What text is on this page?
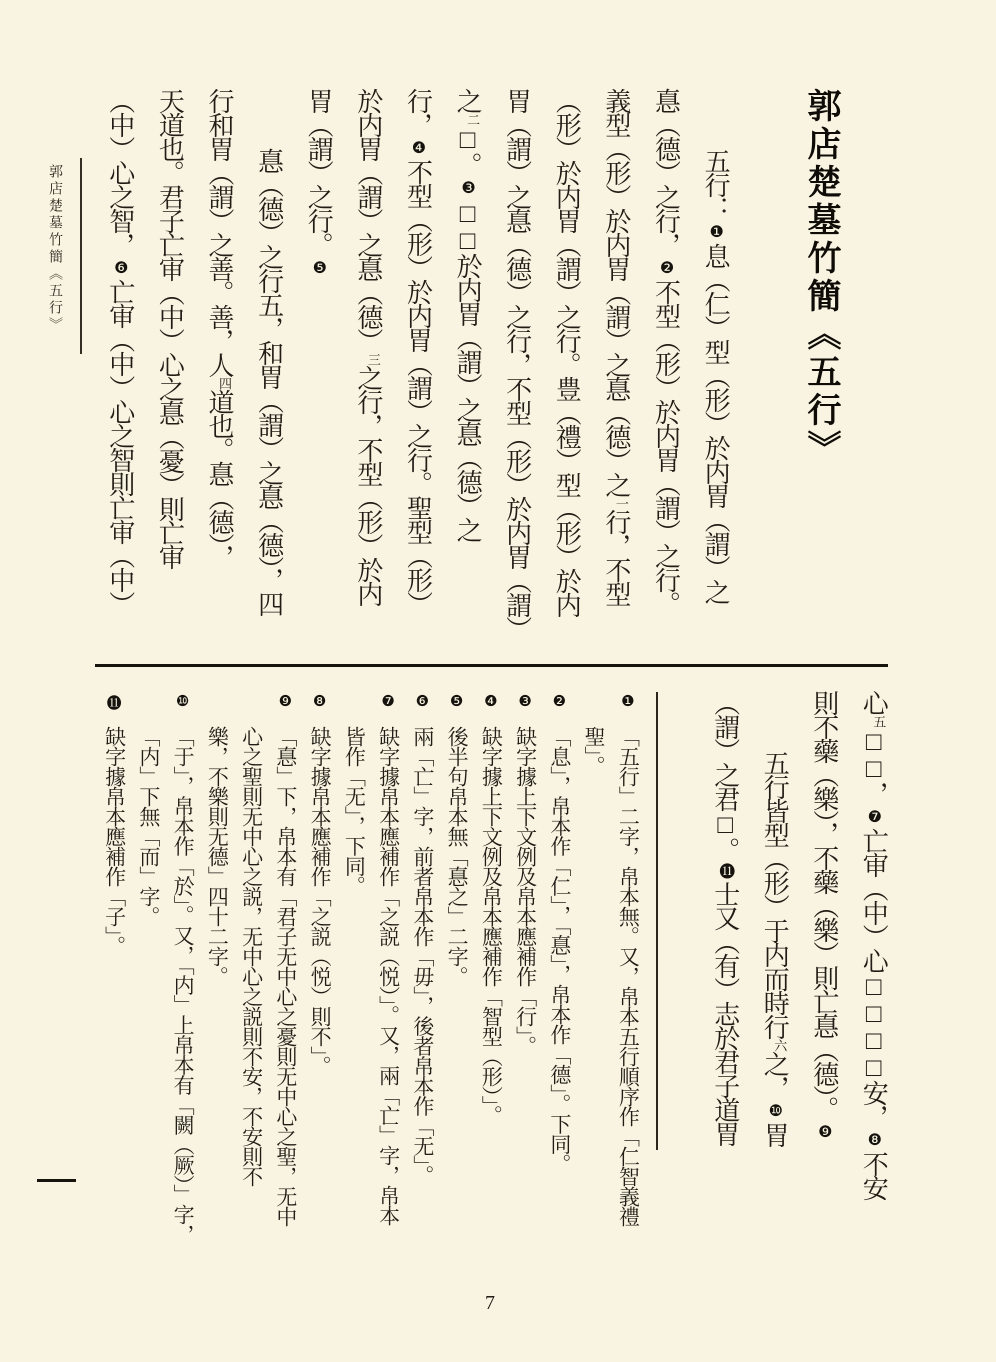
郭店楚墓竹簡《五行》	郭店楚墓竹簡《五行》
五行：❶息（仁）型（形）於内胃（謂）之
惪（德）之行，❷不型（形）於内胃（謂）之行。
義型（形）於内胃（謂）之惪（德）之一行，不型
（形）於内胃（謂）之行。豊（禮）型（形）於内
胃（謂）之惪（德）之行，不型（形）於内胃（謂）
之二□。❸□□於内胃（謂）之惪（德）之
行，❹不型（形）於内胃（謂）之行。聖型（形）
於内胃（謂）之惪（德）三之行，不型（形）於内
胃（謂）之行。❺
惪（德）之行五，和胃（謂）之惪（德），四
行和胃（謂）之善。善，人四道也。惪（德），
天道也。君子亡审（中）心之惪（憂）則亡审
（中）心之智，❻亡审（中）心之智則亡审（中）
心五□□，❼亡审（中）心□□□□安，❽不安
則不藥（樂），不藥（樂）則亡惪（德）。❾
五行皆型（形）于内而時行六之，❿胃
（謂）之君□。⓫士又（有）志於君子道胃
❶
「五行」二字，帛本無。又，帛本五行順序作「仁智義禮
聖」。
❷
「息」，帛本作「仁」，「惪」，帛本作「德」。下同。
❸
缺字據上下文例及帛本應補作「行」。
❹
缺字據上下文例及帛本應補作「智型（形）」。
❺
後半句帛本無「惪之」二字。
❻
兩「亡」字，前者帛本作「毋」，後者帛本作「无」。
❼
缺字據帛本應補作「之説（悦）」。又，兩「亡」字，帛本
皆作「无」，下同。
❽
缺字據帛本應補作「之説（悦）則不」。
❾
「惪」下，帛本有「君子无中心之憂則无中心之聖，无中
心之聖則无中心之説，无中心之説則不安，不安則不
樂，不樂則无德」四十二字。
❿
「于」，帛本作「於」。又，「内」上帛本有「闕（厥）」字，
「内」下無「而」字。
⓫
缺字據帛本應補作「子」。
7
